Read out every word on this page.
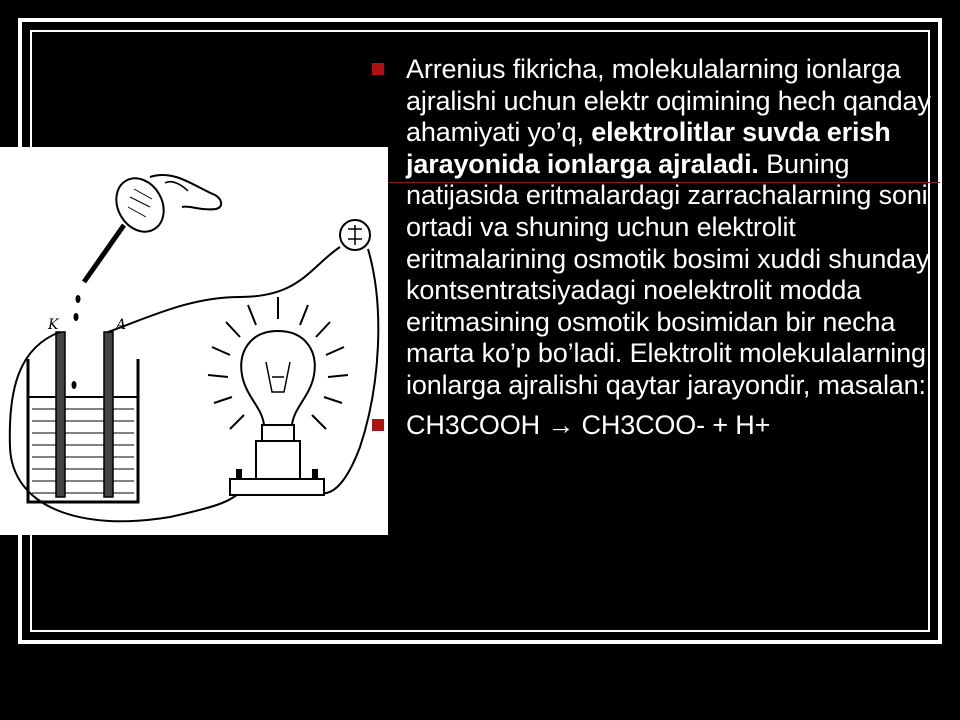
K	A
Arrenius fikricha, molekulalarning ionlarga ajralishi uchun elektr oqimining hech qanday ahamiyati yo’q, elektrolitlar suvda erish jarayonida ionlarga ajraladi. Buning natijasida eritmalardagi zarrachalarning soni ortadi va shuning uchun elektrolit eritmalarining osmotik bosimi xuddi shunday kontsentratsiyadagi noelektrolit modda eritmasining osmotik bosimidan bir necha marta ko’p bo’ladi. Elektrolit molekulalarning ionlarga ajralishi qaytar jarayondir, masalan:
CH3COOH → CH3COO- + H+
